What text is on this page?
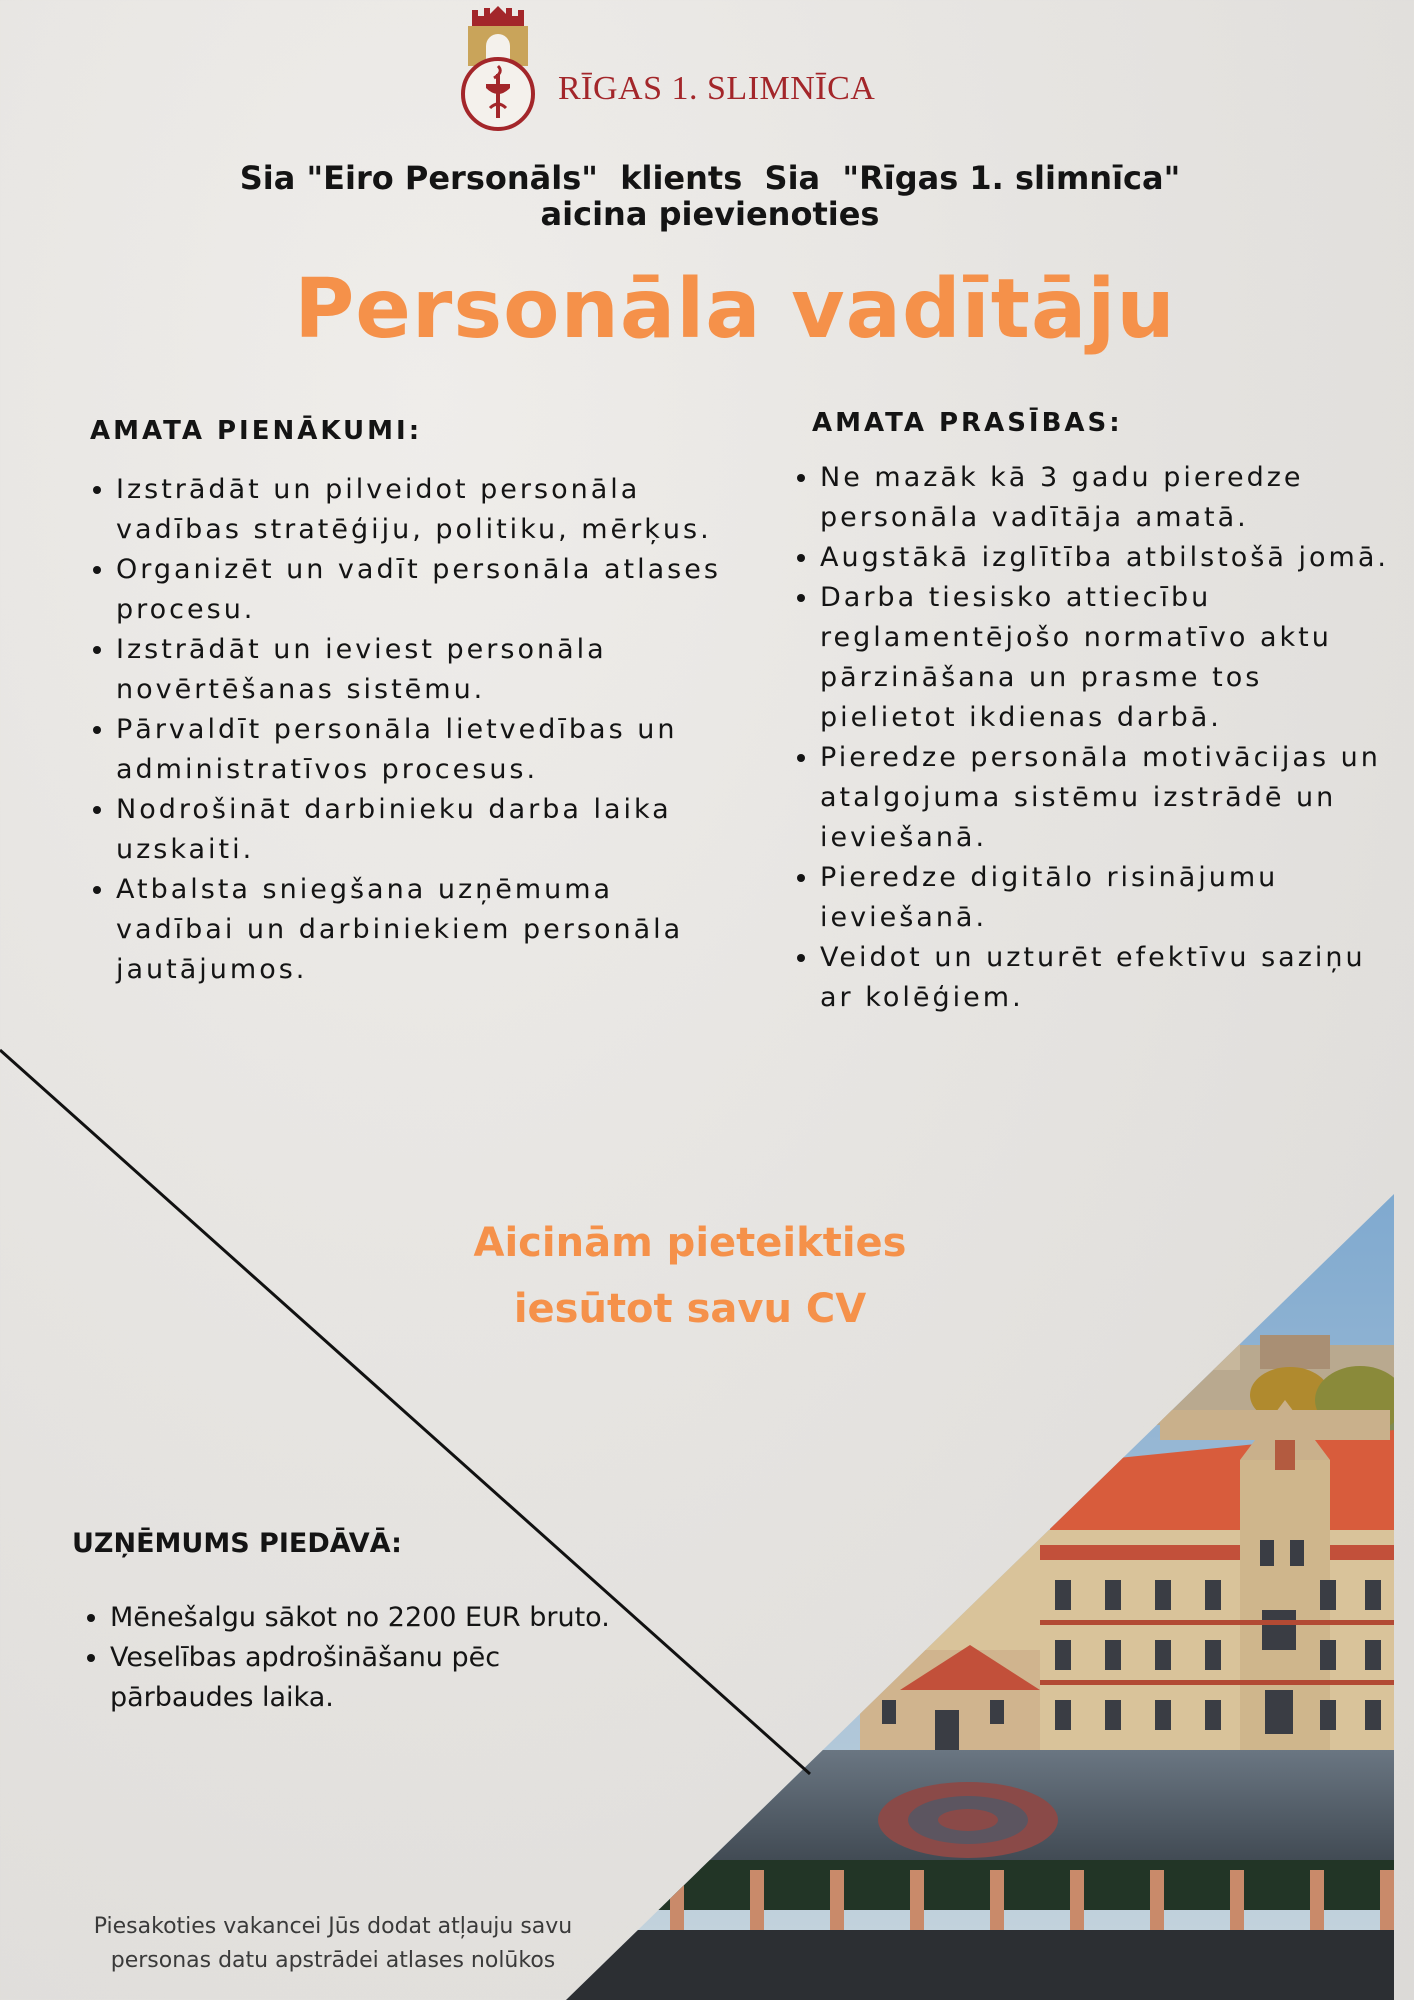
RĪGAS 1. SLIMNĪCA
Sia "Eiro Personāls"  klients  Sia  "Rīgas 1. slimnīca"
aicina pievienoties
Personāla vadītāju
AMATA PIENĀKUMI:
• Izstrādāt un pilveidot personāla vadības stratēģiju, politiku, mērķus.
• Organizēt un vadīt personāla atlases procesu.
• Izstrādāt un ieviest personāla novērtēšanas sistēmu.
• Pārvaldīt personāla lietvedības un administratīvos procesus.
• Nodrošināt darbinieku darba laika uzskaiti.
• Atbalsta sniegšana uzņēmuma vadībai un darbiniekiem personāla jautājumos.
AMATA PRASĪBAS:
• Ne mazāk kā 3 gadu pieredze personāla vadītāja amatā.
• Augstākā izglītība atbilstošā jomā.
• Darba tiesisko attiecību reglamentējošo normatīvo aktu pārzināšana un prasme tos pielietot ikdienas darbā.
• Pieredze personāla motivācijas un atalgojuma sistēmu izstrādē un ieviešanā.
• Pieredze digitālo risinājumu ieviešanā.
• Veidot un uzturēt efektīvu saziņu ar kolēģiem.
Aicinām pieteikties
iesūtot savu CV
UZŅĒMUMS PIEDĀVĀ:
• Mēnešalgu sākot no 2200 EUR bruto.
• Veselības apdrošināšanu pēc pārbaudes laika.
Piesakoties vakancei Jūs dodat atļauju savu
personas datu apstrādei atlases nolūkos
